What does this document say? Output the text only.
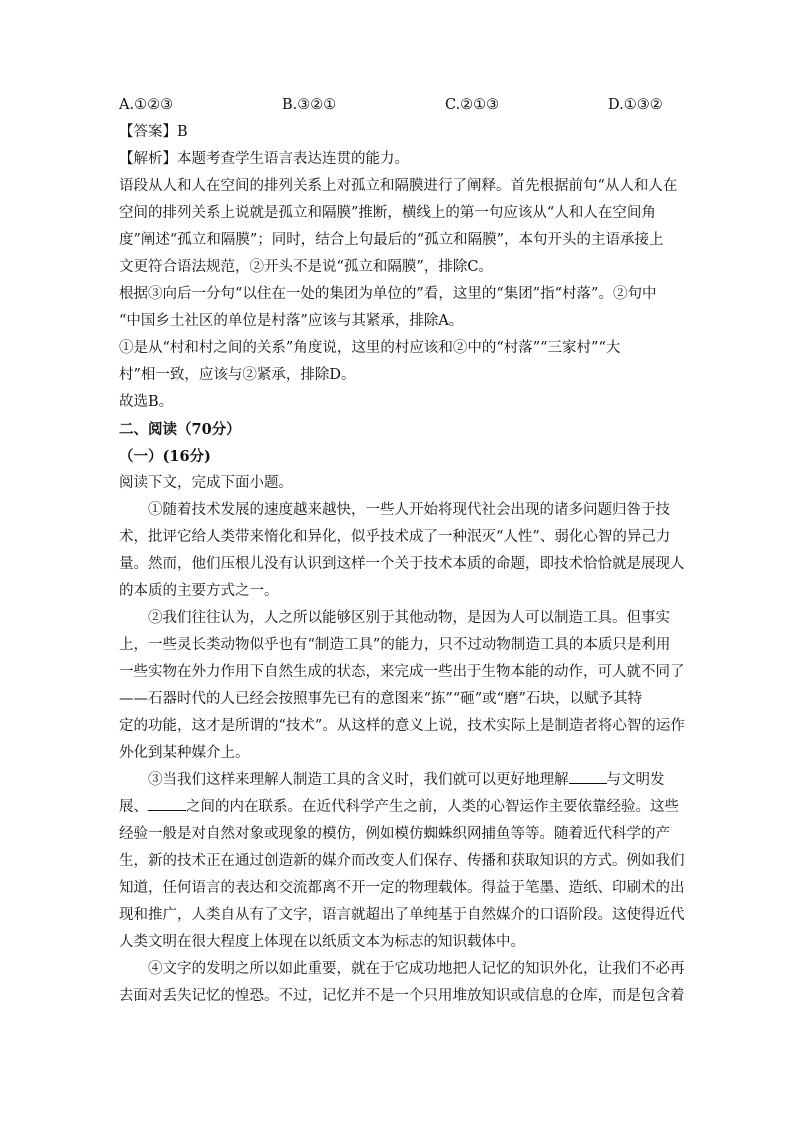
A.①②③	B.③②①	C.②①③	D.①③②

【答案】B

【解析】本题考查学生语言表达连贯的能力。

语段从人和人在空间的排列关系上对孤立和隔膜进行了阐释。首先根据前句“从人和人在

空间的排列关系上说就是孤立和隔膜”推断，横线上的第一句应该从“人和人在空间角

度”阐述“孤立和隔膜”；同时，结合上句最后的“孤立和隔膜”，本句开头的主语承接上

文更符合语法规范，②开头不是说“孤立和隔膜”，排除C。

根据③向后一分句“以住在一处的集团为单位的”看，这里的“集团”指“村落”。②句中

“中国乡土社区的单位是村落”应该与其紧承，排除A。

①是从“村和村之间的关系”角度说，这里的村应该和②中的“村落”“三家村”“大

村”相一致，应该与②紧承，排除D。

故选B。

二、阅读（70分）

（一）(16分)

阅读下文，完成下面小题。

①随着技术发展的速度越来越快，一些人开始将现代社会出现的诸多问题归咎于技

术，批评它给人类带来惰化和异化，似乎技术成了一种泯灭“人性”、弱化心智的异己力

量。然而，他们压根儿没有认识到这样一个关于技术本质的命题，即技术恰恰就是展现人

的本质的主要方式之一。

②我们往往认为，人之所以能够区别于其他动物，是因为人可以制造工具。但事实

上，一些灵长类动物似乎也有“制造工具”的能力，只不过动物制造工具的本质只是利用

一些实物在外力作用下自然生成的状态，来完成一些出于生物本能的动作，可人就不同了

——石器时代的人已经会按照事先已有的意图来“拣”“砸”或“磨”石块，以赋予其特

定的功能，这才是所谓的“技术”。从这样的意义上说，技术实际上是制造者将心智的运作

外化到某种媒介上。

③当我们这样来理解人制造工具的含义时，我们就可以更好地理解	与文明发

展、	之间的内在联系。在近代科学产生之前，人类的心智运作主要依靠经验。这些

经验一般是对自然对象或现象的模仿，例如模仿蜘蛛织网捕鱼等等。随着近代科学的产

生，新的技术正在通过创造新的媒介而改变人们保存、传播和获取知识的方式。例如我们

知道，任何语言的表达和交流都离不开一定的物理载体。得益于笔墨、造纸、印刷术的出

现和推广，人类自从有了文字，语言就超出了单纯基于自然媒介的口语阶段。这使得近代

人类文明在很大程度上体现在以纸质文本为标志的知识载体中。

④文字的发明之所以如此重要，就在于它成功地把人记忆的知识外化，让我们不必再

去面对丢失记忆的惶恐。不过，记忆并不是一个只用堆放知识或信息的仓库，而是包含着
